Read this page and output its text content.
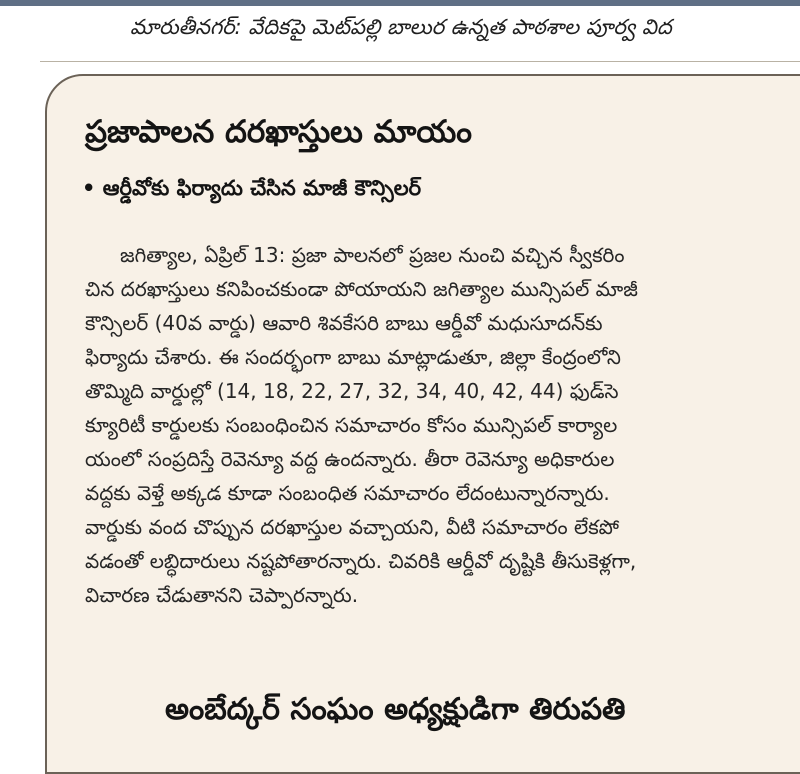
మారుతీనగర్: వేదికపై మెట్‌పల్లి బాలుర ఉన్నత పాఠశాల పూర్వ విద
ప్రజాపాలన దరఖాస్తులు మాయం
• ఆర్డీవోకు ఫిర్యాదు చేసిన మాజీ కౌన్సిలర్
జగిత్యాల, ఏప్రిల్ 13: ప్రజా పాలనలో ప్రజల నుంచి వచ్చిన స్వీకరిం
చిన దరఖాస్తులు కనిపించకుండా పోయాయని జగిత్యాల మున్సిపల్ మాజీ
కౌన్సిలర్ (40వ వార్డు) ఆవారి శివకేసరి బాబు ఆర్డీవో మధుసూదన్‌కు
ఫిర్యాదు చేశారు. ఈ సందర్భంగా బాబు మాట్లాడుతూ, జిల్లా కేంద్రంలోని
తొమ్మిది వార్డుల్లో (14, 18, 22, 27, 32, 34, 40, 42, 44) ఫుడ్‌సె
క్యూరిటీ కార్డులకు సంబంధించిన సమాచారం కోసం మున్సిపల్ కార్యాల
యంలో సంప్రదిస్తే రెవెన్యూ వద్ద ఉందన్నారు. తీరా రెవెన్యూ అధికారుల
వద్దకు వెళ్తే అక్కడ కూడా సంబంధిత సమాచారం లేదంటున్నారన్నారు.
వార్డుకు వంద చొప్పున దరఖాస్తుల వచ్చాయని, వీటి సమాచారం లేకపో
వడంతో లబ్ధిదారులు నష్టపోతారన్నారు. చివరికి ఆర్డీవో దృష్టికి తీసుకెళ్లగా,
విచారణ చేడుతానని చెప్పారన్నారు.
అంబేద్కర్ సంఘం అధ్యక్షుడిగా తిరుపతి
